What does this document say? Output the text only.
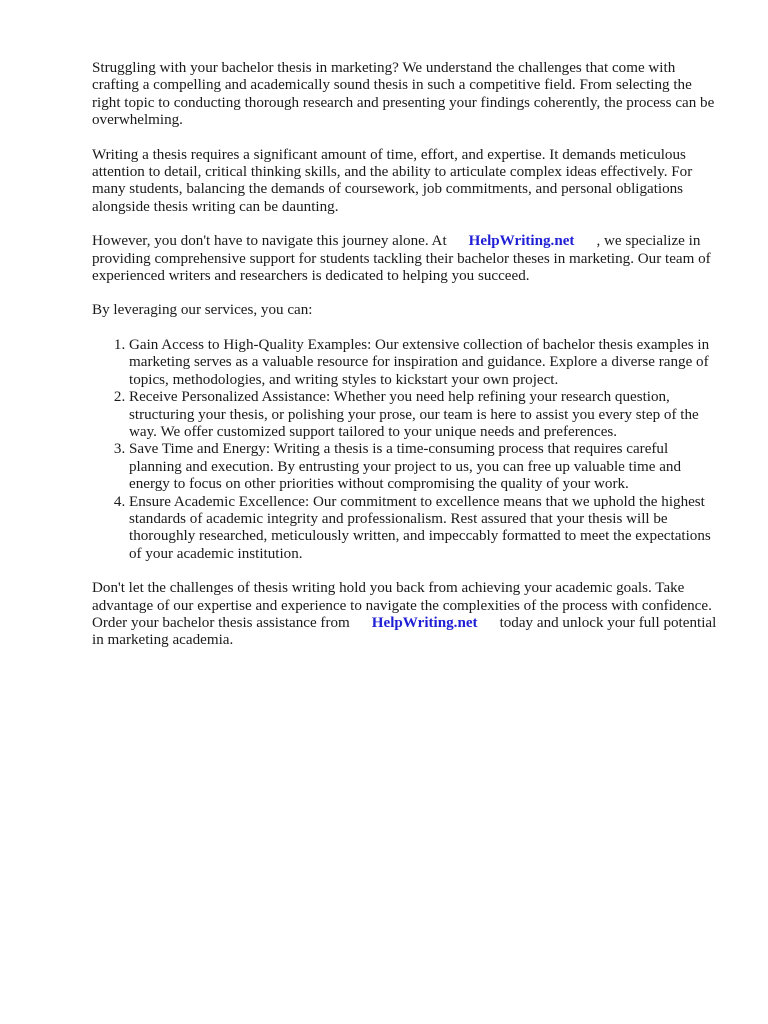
Struggling with your bachelor thesis in marketing? We understand the challenges that come with crafting a compelling and academically sound thesis in such a competitive field. From selecting the right topic to conducting thorough research and presenting your findings coherently, the process can be overwhelming.

Writing a thesis requires a significant amount of time, effort, and expertise. It demands meticulous attention to detail, critical thinking skills, and the ability to articulate complex ideas effectively. For many students, balancing the demands of coursework, job commitments, and personal obligations alongside thesis writing can be daunting.

However, you don't have to navigate this journey alone. At HelpWriting.net , we specialize in providing comprehensive support for students tackling their bachelor theses in marketing. Our team of experienced writers and researchers is dedicated to helping you succeed.

By leveraging our services, you can:

1. Gain Access to High-Quality Examples: Our extensive collection of bachelor thesis examples in marketing serves as a valuable resource for inspiration and guidance. Explore a diverse range of topics, methodologies, and writing styles to kickstart your own project.
2. Receive Personalized Assistance: Whether you need help refining your research question, structuring your thesis, or polishing your prose, our team is here to assist you every step of the way. We offer customized support tailored to your unique needs and preferences.
3. Save Time and Energy: Writing a thesis is a time-consuming process that requires careful planning and execution. By entrusting your project to us, you can free up valuable time and energy to focus on other priorities without compromising the quality of your work.
4. Ensure Academic Excellence: Our commitment to excellence means that we uphold the highest standards of academic integrity and professionalism. Rest assured that your thesis will be thoroughly researched, meticulously written, and impeccably formatted to meet the expectations of your academic institution.

Don't let the challenges of thesis writing hold you back from achieving your academic goals. Take advantage of our expertise and experience to navigate the complexities of the process with confidence. Order your bachelor thesis assistance from HelpWriting.net today and unlock your full potential in marketing academia.
